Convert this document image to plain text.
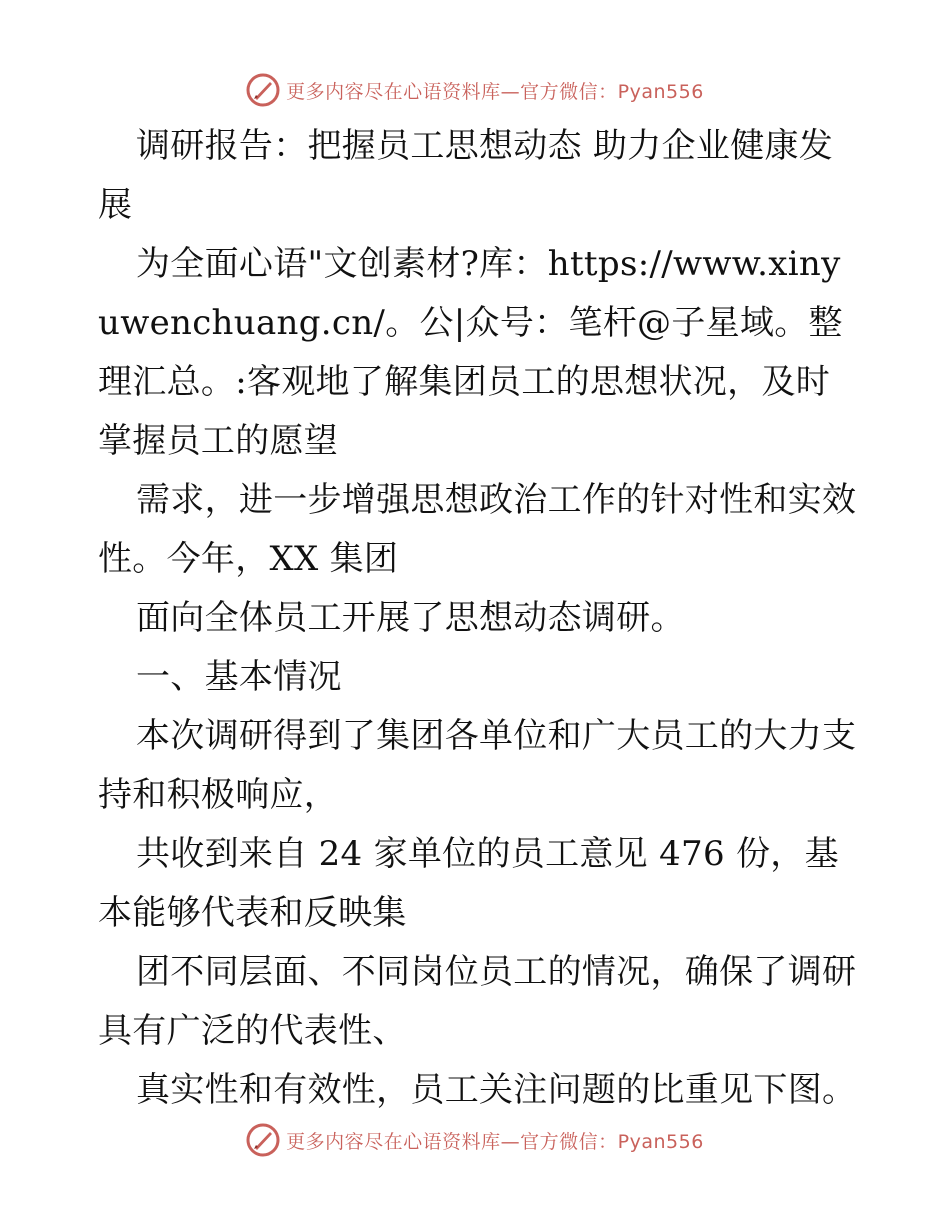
更多内容尽在心语资料库—官方微信：Pyan556

调研报告：把握员工思想动态 助力企业健康发展

为全面心语"文创素材?库：https://www.xinyuwenchuang.cn/。公|众号：笔杆@子星域。整理汇总。:客观地了解集团员工的思想状况，及时掌握员工的愿望

需求，进一步增强思想政治工作的针对性和实效性。今年，XX 集团

面向全体员工开展了思想动态调研。

一、基本情况

本次调研得到了集团各单位和广大员工的大力支持和积极响应，

共收到来自 24 家单位的员工意见 476 份，基本能够代表和反映集

团不同层面、不同岗位员工的情况，确保了调研具有广泛的代表性、

真实性和有效性，员工关注问题的比重见下图。

更多内容尽在心语资料库—官方微信：Pyan556
